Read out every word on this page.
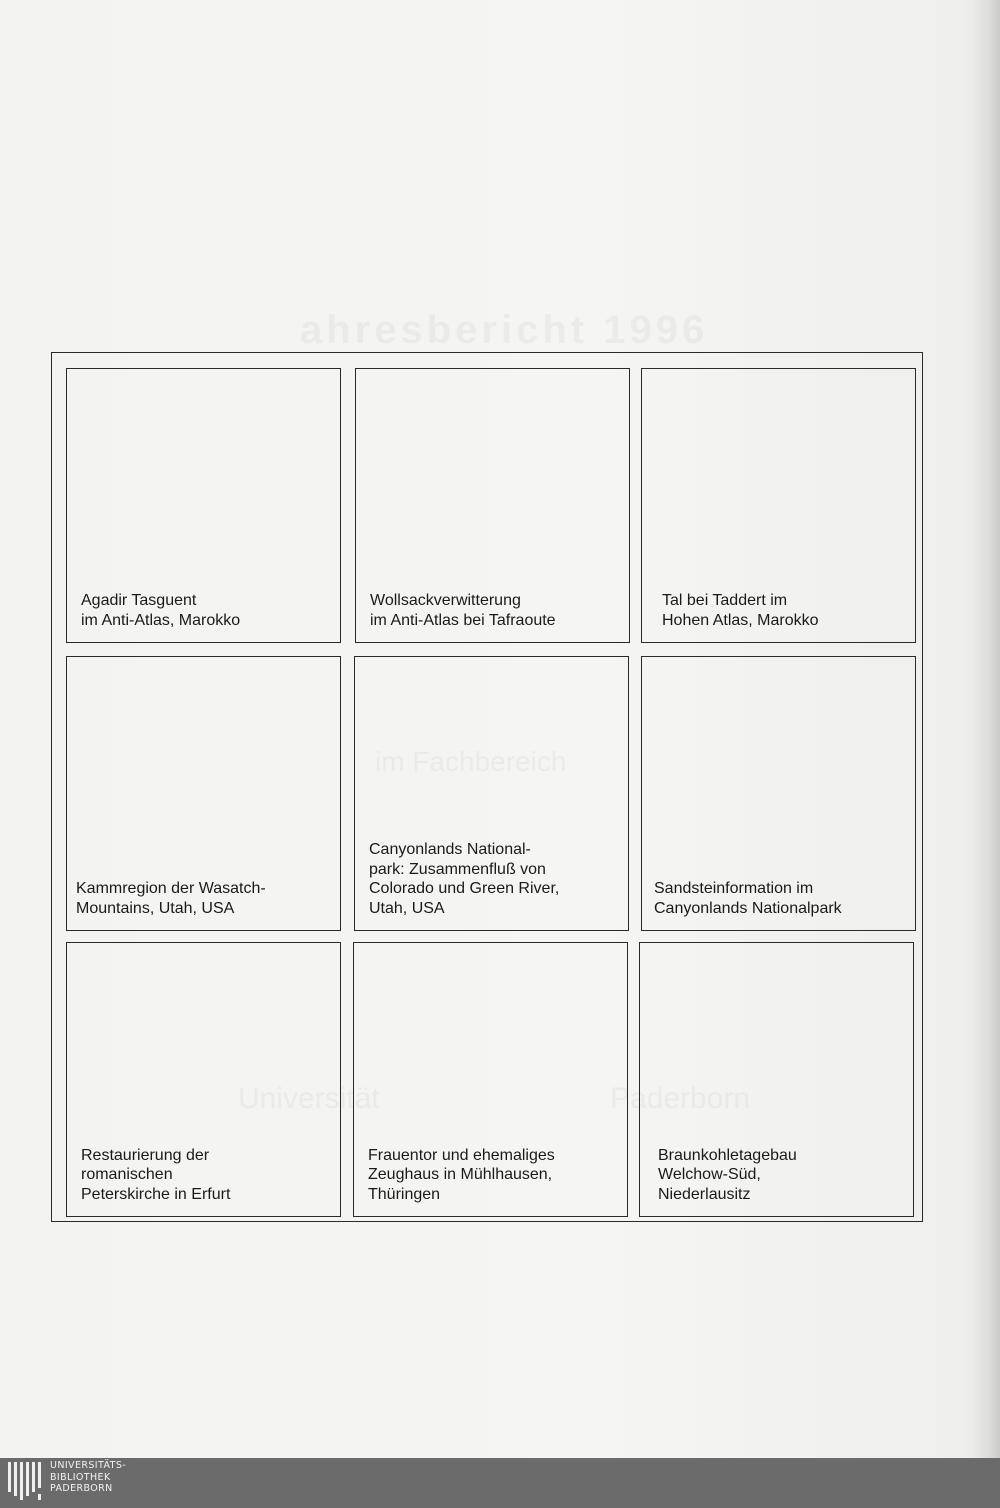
ahresbericht 1996
im Fachbereich
Universität	Paderborn
Agadir Tasguent
im Anti-Atlas, Marokko
Wollsackverwitterung
im Anti-Atlas bei Tafraoute
Tal bei Taddert im
Hohen Atlas, Marokko
Kammregion der Wasatch-
Mountains, Utah, USA
Canyonlands National-
park: Zusammenfluß von
Colorado und Green River,
Utah, USA
Sandsteinformation im
Canyonlands Nationalpark
Restaurierung der
romanischen
Peterskirche in Erfurt
Frauentor und ehemaliges
Zeughaus in Mühlhausen,
Thüringen
Braunkohletagebau
Welchow-Süd,
Niederlausitz
UNIVERSITÄTS-
BIBLIOTHEK
PADERBORN
